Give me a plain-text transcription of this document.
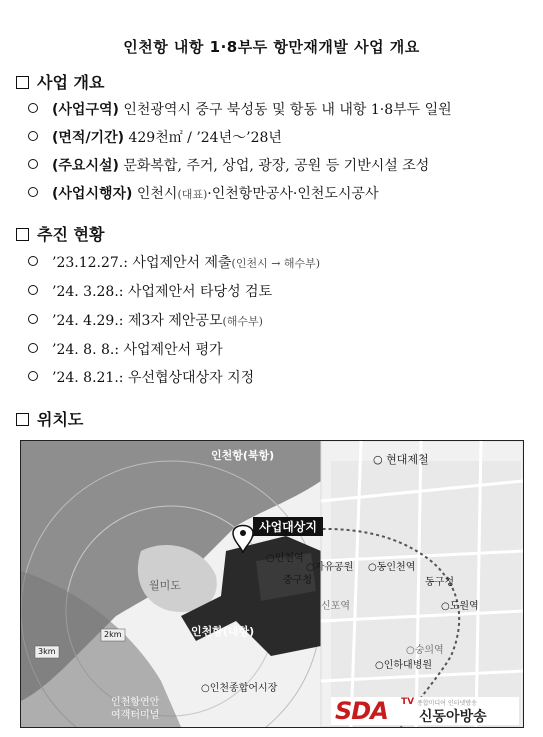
인천항 내항 1·8부두 항만재개발 사업 개요
사업 개요
(사업구역) 인천광역시 중구 북성동 및 항동 내 내항 1·8부두 일원
(면적/기간) 429천㎡ / ’24년～’28년
(주요시설) 문화복합, 주거, 상업, 광장, 공원 등 기반시설 조성
(사업시행자) 인천시(대표)·인천항만공사·인천도시공사
추진 현황
’23.12.27.: 사업제안서 제출(인천시 → 해수부)
’24. 3.28.: 사업제안서 타당성 검토
’24. 4.29.: 제3자 제안공모(해수부)
’24. 8. 8.: 사업제안서 평가
’24. 8.21.: 우선협상대상자 지정
위치도
인천항(북항)	○ 현대제철
사업대상지
○인천역
○자유공원 ○동인천역
중구청	동구청
신포역	○도원역
월미도
인천항(내항)
○숭의역
○인하대병원
○인천종합어시장
인천항연안
여객터미널
2km
3km
SDA TV 종합미디어 인터넷방송
신동아방송
